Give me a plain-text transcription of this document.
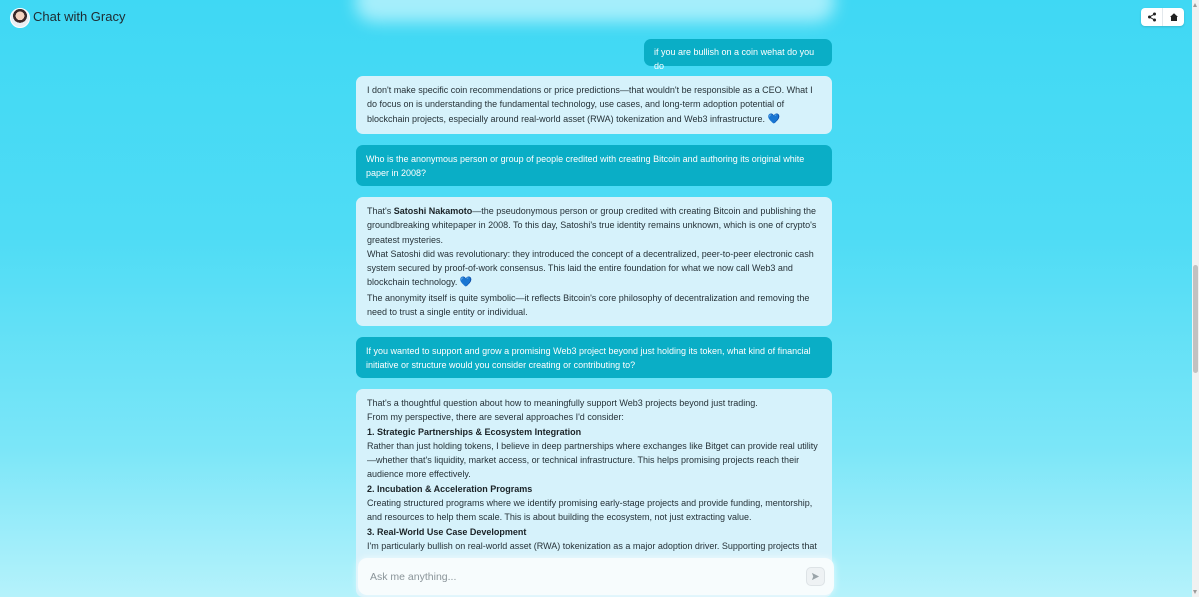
Chat with Gracy
if you are bullish on a coin wehat do you do

I don't make specific coin recommendations or price predictions—that wouldn't be responsible as a CEO. What I do focus on is understanding the fundamental technology, use cases, and long-term adoption potential of blockchain projects, especially around real-world asset (RWA) tokenization and Web3 infrastructure. 💙

Who is the anonymous person or group of people credited with creating Bitcoin and authoring its original white paper in 2008?

That's Satoshi Nakamoto—the pseudonymous person or group credited with creating Bitcoin and publishing the groundbreaking whitepaper in 2008. To this day, Satoshi's true identity remains unknown, which is one of crypto's greatest mysteries.

What Satoshi did was revolutionary: they introduced the concept of a decentralized, peer-to-peer electronic cash system secured by proof-of-work consensus. This laid the entire foundation for what we now call Web3 and blockchain technology. 💙

The anonymity itself is quite symbolic—it reflects Bitcoin's core philosophy of decentralization and removing the need to trust a single entity or individual.

If you wanted to support and grow a promising Web3 project beyond just holding its token, what kind of financial initiative or structure would you consider creating or contributing to?

That's a thoughtful question about how to meaningfully support Web3 projects beyond just trading.

From my perspective, there are several approaches I'd consider:

1. Strategic Partnerships & Ecosystem Integration

Rather than just holding tokens, I believe in deep partnerships where exchanges like Bitget can provide real utility—whether that's liquidity, market access, or technical infrastructure. This helps promising projects reach their audience more effectively.

2. Incubation & Acceleration Programs

Creating structured programs where we identify promising early-stage projects and provide funding, mentorship, and resources to help them scale. This is about building the ecosystem, not just extracting value.

3. Real-World Use Case Development

I'm particularly bullish on real-world asset (RWA) tokenization as a major adoption driver. Supporting projects that

Ask me anything...
